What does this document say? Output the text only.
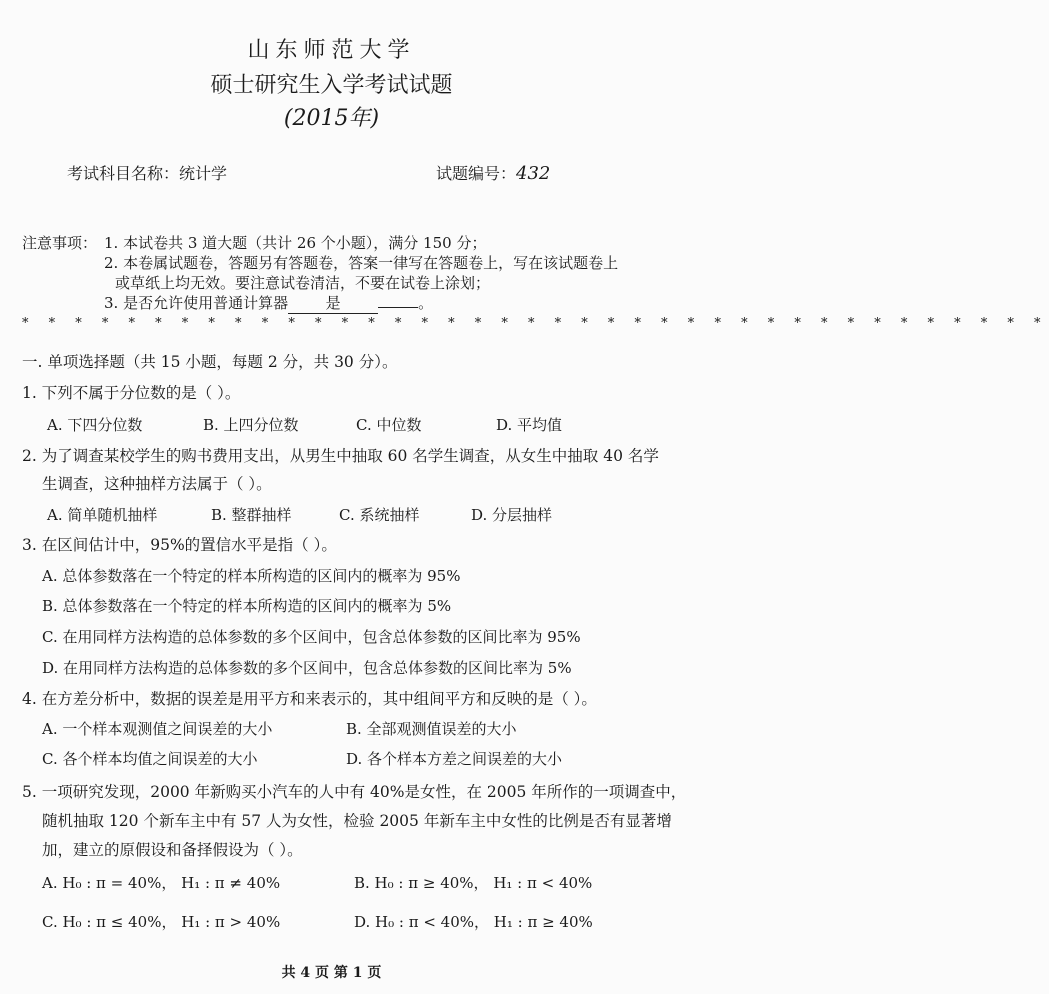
山东师范大学
硕士研究生入学考试试题
(2015年)
考试科目名称：统计学	试题编号：432
注意事项： 1. 本试卷共 3 道大题（共计 26 个小题），满分 150 分；
2. 本卷属试题卷，答题另有答题卷，答案一律写在答题卷上，写在该试题卷上
或草纸上均无效。要注意试卷清洁，不要在试卷上涂划；
3. 是否允许使用普通计算器 是	。
* * * * * * * * * * * * * * * * * * * * * * * * * * * * * * * * * * * * * * *
一. 单项选择题（共 15 小题，每题 2 分，共 30 分）。
1. 下列不属于分位数的是（ ）。
A. 下四分位数	B. 上四分位数	C. 中位数	D. 平均值
2. 为了调查某校学生的购书费用支出，从男生中抽取 60 名学生调查，从女生中抽取 40 名学
生调查，这种抽样方法属于（ ）。
A. 简单随机抽样	B. 整群抽样	C. 系统抽样	D. 分层抽样
3. 在区间估计中，95%的置信水平是指（ ）。
A. 总体参数落在一个特定的样本所构造的区间内的概率为 95%
B. 总体参数落在一个特定的样本所构造的区间内的概率为 5%
C. 在用同样方法构造的总体参数的多个区间中，包含总体参数的区间比率为 95%
D. 在用同样方法构造的总体参数的多个区间中，包含总体参数的区间比率为 5%
4. 在方差分析中，数据的误差是用平方和来表示的，其中组间平方和反映的是（ ）。
A. 一个样本观测值之间误差的大小	B. 全部观测值误差的大小
C. 各个样本均值之间误差的大小	D. 各个样本方差之间误差的大小
5. 一项研究发现，2000 年新购买小汽车的人中有 40%是女性，在 2005 年所作的一项调查中，
随机抽取 120 个新车主中有 57 人为女性，检验 2005 年新车主中女性的比例是否有显著增
加，建立的原假设和备择假设为（ ）。
A. H₀ : π = 40%， H₁ : π ≠ 40%	B. H₀ : π ≥ 40%， H₁ : π < 40%
C. H₀ : π ≤ 40%， H₁ : π > 40%	D. H₀ : π < 40%， H₁ : π ≥ 40%
共 4 页 第 1 页
